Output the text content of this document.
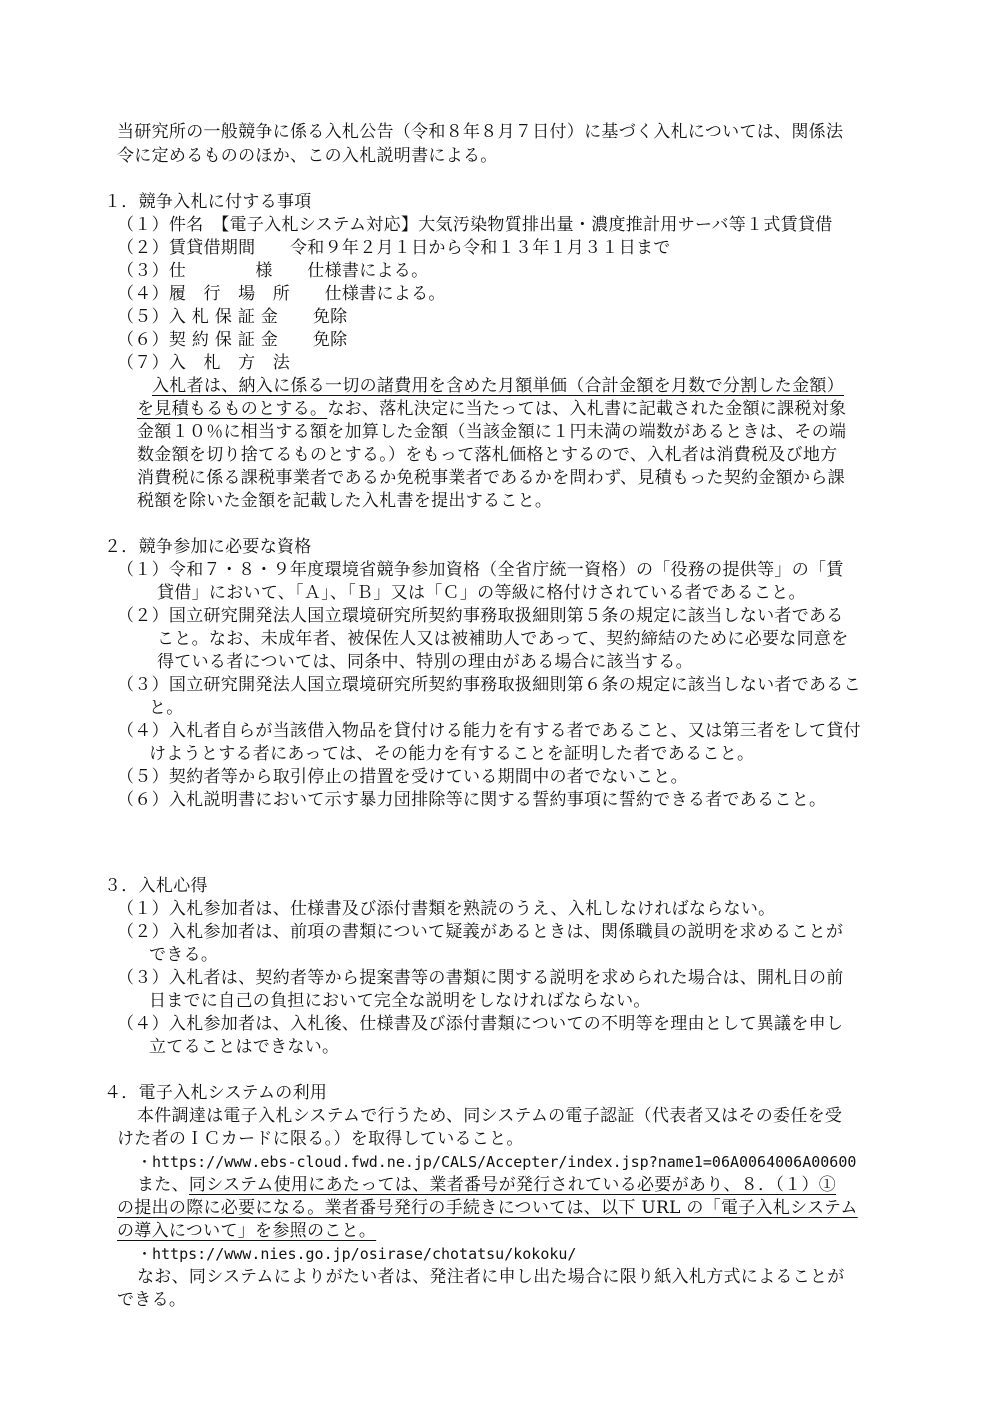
当研究所の一般競争に係る入札公告（令和８年８月７日付）に基づく入札については、関係法
令に定めるもののほか、この入札説明書による。
１．競争入札に付する事項
（１）件名　【電子入札システム対応】大気汚染物質排出量・濃度推計用サーバ等１式賃貸借
（２）賃貸借期間　　令和９年２月１日から令和１３年１月３１日まで
（３）仕　　　　様　　仕様書による。
（４）履　行　場　所　　仕様書による。
（５）入 札 保 証 金　　免除
（６）契 約 保 証 金　　免除
（７）入　札　方　法
入札者は、納入に係る一切の諸費用を含めた月額単価（合計金額を月数で分割した金額）
を見積もるものとする。なお、落札決定に当たっては、入札書に記載された金額に課税対象
金額１０％に相当する額を加算した金額（当該金額に１円未満の端数があるときは、その端
数金額を切り捨てるものとする。）をもって落札価格とするので、入札者は消費税及び地方
消費税に係る課税事業者であるか免税事業者であるかを問わず、見積もった契約金額から課
税額を除いた金額を記載した入札書を提出すること。
２．競争参加に必要な資格
（１）令和７・８・９年度環境省競争参加資格（全省庁統一資格）の「役務の提供等」の「賃
貸借」において、「Ａ」、「Ｂ」又は「Ｃ」の等級に格付けされている者であること。
（２）国立研究開発法人国立環境研究所契約事務取扱細則第５条の規定に該当しない者である
こと。なお、未成年者、被保佐人又は被補助人であって、契約締結のために必要な同意を
得ている者については、同条中、特別の理由がある場合に該当する。
（３）国立研究開発法人国立環境研究所契約事務取扱細則第６条の規定に該当しない者であるこ
と。
（４）入札者自らが当該借入物品を貸付ける能力を有する者であること、又は第三者をして貸付
けようとする者にあっては、その能力を有することを証明した者であること。
（５）契約者等から取引停止の措置を受けている期間中の者でないこと。
（６）入札説明書において示す暴力団排除等に関する誓約事項に誓約できる者であること。
３．入札心得
（１）入札参加者は、仕様書及び添付書類を熟読のうえ、入札しなければならない。
（２）入札参加者は、前項の書類について疑義があるときは、関係職員の説明を求めることが
できる。
（３）入札者は、契約者等から提案書等の書類に関する説明を求められた場合は、開札日の前
日までに自己の負担において完全な説明をしなければならない。
（４）入札参加者は、入札後、仕様書及び添付書類についての不明等を理由として異議を申し
立てることはできない。
４．電子入札システムの利用
本件調達は電子入札システムで行うため、同システムの電子認証（代表者又はその委任を受
けた者のＩＣカードに限る。）を取得していること。
・https://www.ebs-cloud.fwd.ne.jp/CALS/Accepter/index.jsp?name1=06A0064006A00600
また、同システム使用にあたっては、業者番号が発行されている必要があり、８．（１）①
の提出の際に必要になる。業者番号発行の手続きについては、以下 URL の「電子入札システム
の導入について」を参照のこと。
・https://www.nies.go.jp/osirase/chotatsu/kokoku/
なお、同システムによりがたい者は、発注者に申し出た場合に限り紙入札方式によることが
できる。
